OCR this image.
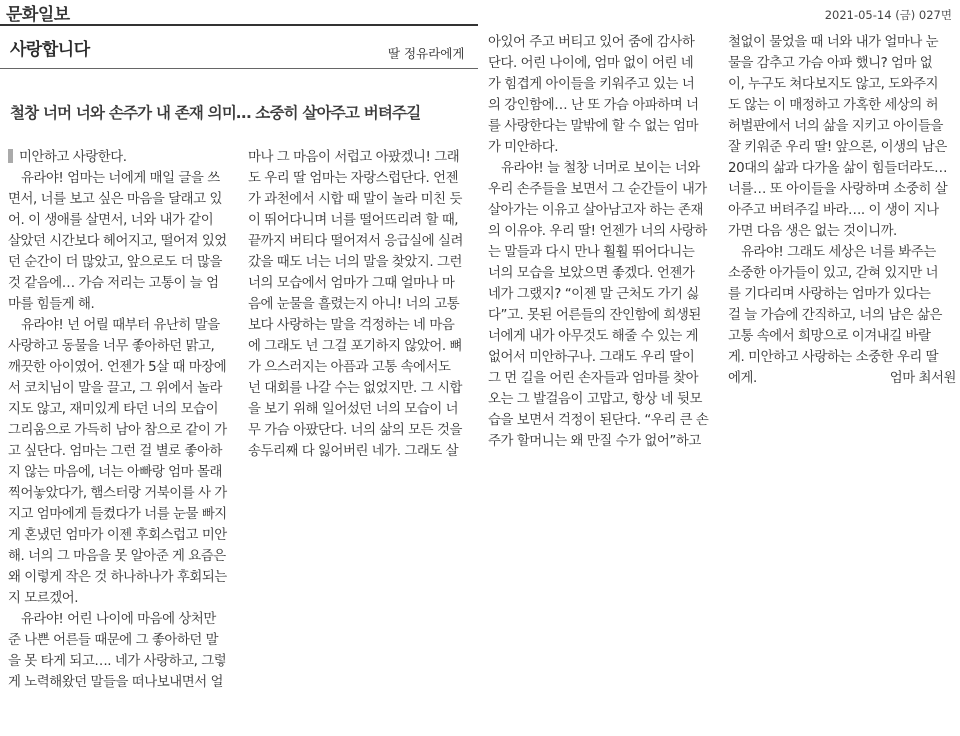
문화일보	2021-05-14 (금) 027면
사랑합니다	딸 정유라에게
철창 너머 너와 손주가 내 존재 의미… 소중히 살아주고 버텨주길

미안하고 사랑한다.

　유라야! 엄마는 너에게 매일 글을 쓰

면서, 너를 보고 싶은 마음을 달래고 있

어. 이 생애를 살면서, 너와 내가 같이

살았던 시간보다 헤어지고, 떨어져 있었

던 순간이 더 많았고, 앞으로도 더 많을

것 같음에… 가슴 저리는 고통이 늘 엄

마를 힘들게 해.

　유라야! 넌 어릴 때부터 유난히 말을

사랑하고 동물을 너무 좋아하던 맑고,

깨끗한 아이였어. 언젠가 5살 때 마장에

서 코치님이 말을 끌고, 그 위에서 놀라

지도 않고, 재미있게 타던 너의 모습이

그리움으로 가득히 남아 참으로 같이 가

고 싶단다. 엄마는 그런 걸 별로 좋아하

지 않는 마음에, 너는 아빠랑 엄마 몰래

찍어놓았다가, 햄스터랑 거북이를 사 가

지고 엄마에게 들켰다가 너를 눈물 빠지

게 혼냈던 엄마가 이젠 후회스럽고 미안

해. 너의 그 마음을 못 알아준 게 요즘은

왜 이렇게 작은 것 하나하나가 후회되는

지 모르겠어.

　유라야! 어린 나이에 마음에 상처만

준 나쁜 어른들 때문에 그 좋아하던 말

을 못 타게 되고…. 네가 사랑하고, 그렇

게 노력해왔던 말들을 떠나보내면서 얼

마나 그 마음이 서럽고 아팠겠니! 그래

도 우리 딸 엄마는 자랑스럽단다. 언젠

가 과천에서 시합 때 말이 놀라 미친 듯

이 뛰어다니며 너를 떨어뜨리려 할 때,

끝까지 버티다 떨어져서 응급실에 실려

갔을 때도 너는 너의 말을 찾았지. 그런

너의 모습에서 엄마가 그때 얼마나 마

음에 눈물을 흘렸는지 아니! 너의 고통

보다 사랑하는 말을 걱정하는 네 마음

에 그래도 넌 그걸 포기하지 않았어. 뼈

가 으스러지는 아픔과 고통 속에서도

넌 대회를 나갈 수는 없었지만. 그 시합

을 보기 위해 일어섰던 너의 모습이 너

무 가슴 아팠단다. 너의 삶의 모든 것을

송두리째 다 잃어버린 네가. 그래도 살

아있어 주고 버티고 있어 줌에 감사하

단다. 어린 나이에, 엄마 없이 어린 네

가 힘겹게 아이들을 키워주고 있는 너

의 강인함에… 난 또 가슴 아파하며 너

를 사랑한다는 말밖에 할 수 없는 엄마

가 미안하다.

　유라야! 늘 철창 너머로 보이는 너와

우리 손주들을 보면서 그 순간들이 내가

살아가는 이유고 살아남고자 하는 존재

의 이유야. 우리 딸! 언젠가 너의 사랑하

는 말들과 다시 만나 훨훨 뛰어다니는

너의 모습을 보았으면 좋겠다. 언젠가

네가 그랬지? “이젠 말 근처도 가기 싫

다”고. 못된 어른들의 잔인함에 희생된

너에게 내가 아무것도 해줄 수 있는 게

없어서 미안하구나. 그래도 우리 딸이

그 먼 길을 어린 손자들과 엄마를 찾아

오는 그 발걸음이 고맙고, 항상 네 뒷모

습을 보면서 걱정이 된단다. “우리 큰 손

주가 할머니는 왜 만질 수가 없어”하고

철없이 물었을 때 너와 내가 얼마나 눈

물을 감추고 가슴 아파 했니? 엄마 없

이, 누구도 쳐다보지도 않고, 도와주지

도 않는 이 매정하고 가혹한 세상의 허

허벌판에서 너의 삶을 지키고 아이들을

잘 키워준 우리 딸! 앞으론, 이생의 남은

20대의 삶과 다가올 삶이 힘들더라도…

너를… 또 아이들을 사랑하며 소중히 살

아주고 버텨주길 바라…. 이 생이 지나

가면 다음 생은 없는 것이니까.

　유라야! 그래도 세상은 너를 봐주는

소중한 아가들이 있고, 갇혀 있지만 너

를 기다리며 사랑하는 엄마가 있다는

걸 늘 가슴에 간직하고, 너의 남은 삶은

고통 속에서 희망으로 이겨내길 바랄

게. 미안하고 사랑하는 소중한 우리 딸

에게.	엄마 최서원
